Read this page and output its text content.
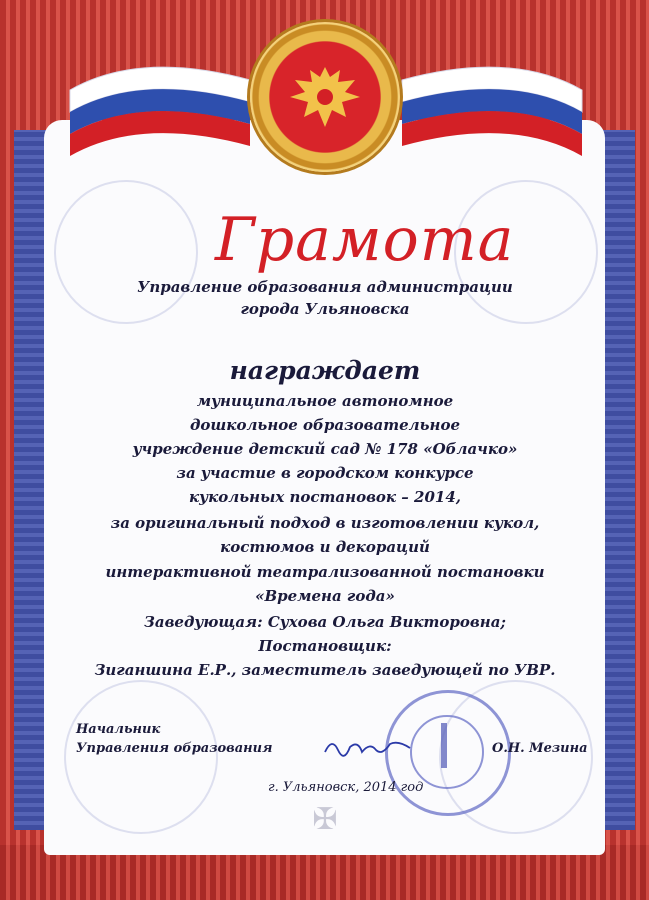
Грамота
Управление образования администрации
города Ульяновска
награждает
муниципальное автономное
дошкольное образовательное
учреждение детский сад № 178 «Облачко»
за участие в городском конкурсе
кукольных постановок – 2014,
за оригинальный подход в изготовлении кукол,
костюмов и декораций
интерактивной театрализованной постановки
«Времена года»
Заведующая: Сухова Ольга Викторовна;
Постановщик:
Зиганшина Е.Р., заместитель заведующей по УВР.
Начальник
Управления образования	О.Н. Мезина
г. Ульяновск, 2014 год
✠
